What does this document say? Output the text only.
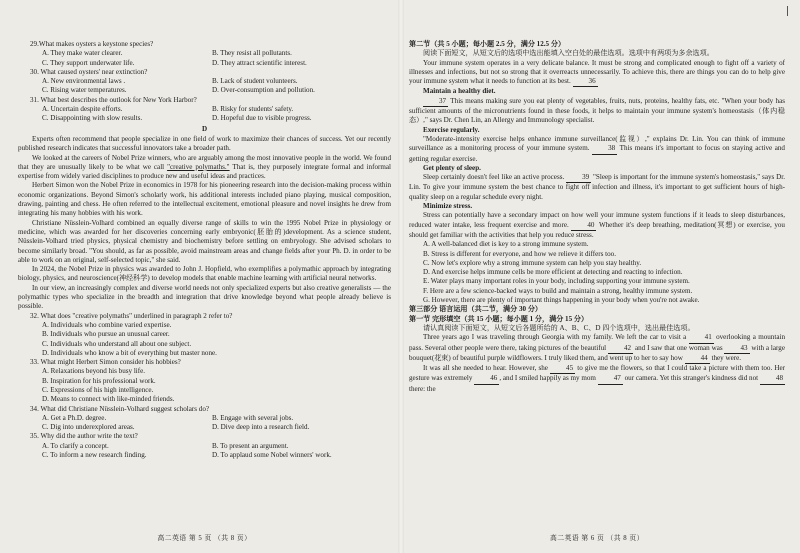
29.What makes oysters a keystone species?

A. They make water clearer.	B. They resist all pollutants.
C. They support underwater life.	D. They attract scientific interest.

30. What caused oysters' near extinction?

A. New environmental laws .	B. Lack of student volunteers.
C. Rising water temperatures.	D. Over-consumption and pollution.

31. What best describes the outlook for New York Harbor?

A. Uncertain despite efforts.	B. Risky for students' safety.
C. Disappointing with slow results.	D. Hopeful due to visible progress.

D

Experts often recommend that people specialize in one field of work to maximize their chances of success. Yet our recently published research indicates that successful innovators take a broader path.

We looked at the careers of Nobel Prize winners, who are arguably among the most innovative people in the world. We found that they are unusually likely to be what we call "creative polymaths." That is, they purposely integrate formal and informal expertise from widely varied disciplines to produce new and useful ideas and practices.

Herbert Simon won the Nobel Prize in economics in 1978 for his pioneering research into the decision-making process within economic organizations. Beyond Simon's scholarly work, his additional interests included piano playing, musical composition, drawing, painting and chess. He often referred to the intellectual excitement, emotional pleasure and novel insights he drew from integrating his many hobbies with his work.

Christiane Nüsslein-Volhard combined an equally diverse range of skills to win the 1995 Nobel Prize in physiology or medicine, which was awarded for her discoveries concerning early embryonic(胚胎的)development. As a science student, Nüsslein-Volhard tried physics, physical chemistry and biochemistry before settling on embryology. She advised scholars to become similarly broad. "You should, as far as possible, avoid mainstream areas and change fields after your Ph. D. in order to be able to work on an original, self-selected topic," she said.

In 2024, the Nobel Prize in physics was awarded to John J. Hopfield, who exemplifies a polymathic approach by integrating biology, physics, and neuroscience(神经科学) to develop models that enable machine learning with artificial neural networks.

In our view, an increasingly complex and diverse world needs not only specialized experts but also creative generalists — the polymathic types who specialize in the breadth and integration that drive knowledge beyond what people already believe is possible.

32. What does "creative polymaths" underlined in paragraph 2 refer to?

A. Individuals who combine varied expertise.
B. Individuals who pursue an unusual career.
C. Individuals who understand all about one subject.
D. Individuals who know a bit of everything but master none.

33. What might Herbert Simon consider his hobbies?

A. Relaxations beyond his busy life.
B. Inspiration for his professional work.
C. Expressions of his high intelligence.
D. Means to connect with like-minded friends.

34. What did Christiane Nüsslein-Volhard suggest scholars do?

A. Get a Ph.D. degree.	B. Engage with several jobs.
C. Dig into underexplored areas.	D. Dive deep into a research field.

35. Why did the author write the text?

A. To clarify a concept.	B. To present an argument.
C. To inform a new research finding.	D. To applaud some Nobel winners' work.
高二英语 第 5 页 （共 8 页）

第二节（共 5 小题；每小题 2.5 分，满分 12.5 分）

阅读下面短文，从短文后的选项中选出能填入空白处的最佳选项。选项中有两项为多余选项。

Your immune system operates in a very delicate balance. It must be strong and complicated enough to fight off a variety of illnesses and infections, but not so strong that it overreacts unnecessarily. To achieve this, there are things you can do to help give your immune system what it needs to function at its best. 36

Maintain a healthy diet.

37 This means making sure you eat plenty of vegetables, fruits, nuts, proteins, healthy fats, etc. "When your body has sufficient amounts of the micronutrients found in these foods, it helps to maintain your immune system's homeostasis（体内稳态）," says Dr. Chen Lin, an Allergy and Immunology specialist.

Exercise regularly.

"Moderate-intensity exercise helps enhance immune surveillance(监视）," explains Dr. Lin. You can think of immune surveillance as a monitoring process of your immune system. 38 This means it's important to focus on staying active and getting regular exercise.

Get plenty of sleep.

Sleep certainly doesn't feel like an active process. 39 "Sleep is important for the immune system's homeostasis," says Dr. Lin. To give your immune system the best chance to fight off infection and illness, it's important to get sufficient hours of high-quality sleep on a regular schedule every night.

Minimize stress.

Stress can potentially have a secondary impact on how well your immune system functions if it leads to sleep disturbances, reduced water intake, less frequent exercise and more. 40 Whether it's deep breathing, meditation(冥想) or exercise, you should get familiar with the activities that help you reduce stress.

A. A well-balanced diet is key to a strong immune system.

B. Stress is different for everyone, and how we relieve it differs too.

C. Now let's explore why a strong immune system can help you stay healthy.

D. And exercise helps immune cells be more efficient at detecting and reacting to infection.

E. Water plays many important roles in your body, including supporting your immune system.

F. Here are a few science-backed ways to build and maintain a strong, healthy immune system.

G. However, there are plenty of important things happening in your body when you're not awake.

第三部分 语言运用（共二节，满分 30 分）

第一节 完形填空（共 15 小题；每小题 1 分，满分 15 分）

请认真阅读下面短文，从短文后各题所给的 A、B、C、D 四个选项中，选出最佳选项。

Three years ago I was traveling through Georgia with my family. We left the car to visit a 41 overlooking a mountain pass. Several other people were there, taking pictures of the beautiful 42 and I saw that one woman was 43 with a large bouquet(花束) of beautiful purple wildflowers. I truly liked them, and went up to her to say how 44 they were.

It was all she needed to hear. However, she 45 to give me the flowers, so that I could take a picture with them too. Her gesture was extremely 46 , and I smiled happily as my mom 47 our camera. Yet this stranger's kindness did not 48 there: the

高二英语 第 6 页 （共 8 页）
